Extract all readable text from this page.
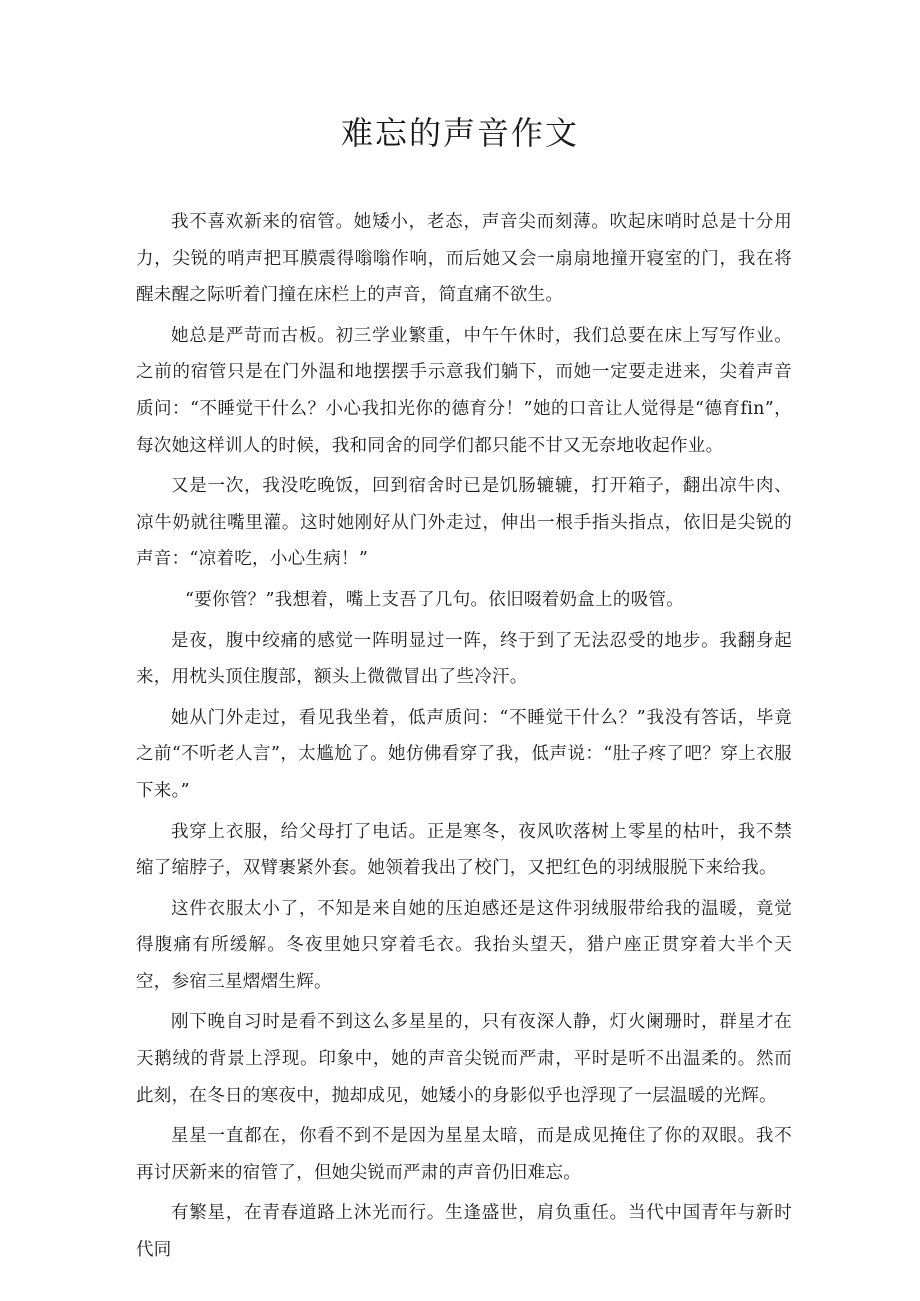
难忘的声音作文

我不喜欢新来的宿管。她矮小，老态，声音尖而刻薄。吹起床哨时总是十分用力，尖锐的哨声把耳膜震得嗡嗡作响，而后她又会一扇扇地撞开寝室的门，我在将醒未醒之际听着门撞在床栏上的声音，简直痛不欲生。

她总是严苛而古板。初三学业繁重，中午午休时，我们总要在床上写写作业。之前的宿管只是在门外温和地摆摆手示意我们躺下，而她一定要走进来，尖着声音质问：“不睡觉干什么？小心我扣光你的德育分！”她的口音让人觉得是“德育fin”，每次她这样训人的时候，我和同舍的同学们都只能不甘又无奈地收起作业。

又是一次，我没吃晚饭，回到宿舍时已是饥肠辘辘，打开箱子，翻出凉牛肉、凉牛奶就往嘴里灌。这时她刚好从门外走过，伸出一根手指头指点，依旧是尖锐的声音：“凉着吃，小心生病！”

“要你管？”我想着，嘴上支吾了几句。依旧啜着奶盒上的吸管。

是夜，腹中绞痛的感觉一阵明显过一阵，终于到了无法忍受的地步。我翻身起来，用枕头顶住腹部，额头上微微冒出了些冷汗。

她从门外走过，看见我坐着，低声质问：“不睡觉干什么？”我没有答话，毕竟之前“不听老人言”，太尴尬了。她仿佛看穿了我，低声说：“肚子疼了吧？穿上衣服下来。”

我穿上衣服，给父母打了电话。正是寒冬，夜风吹落树上零星的枯叶，我不禁缩了缩脖子，双臂裹紧外套。她领着我出了校门，又把红色的羽绒服脱下来给我。

这件衣服太小了，不知是来自她的压迫感还是这件羽绒服带给我的温暖，竟觉得腹痛有所缓解。冬夜里她只穿着毛衣。我抬头望天，猎户座正贯穿着大半个天空，参宿三星熠熠生辉。

刚下晚自习时是看不到这么多星星的，只有夜深人静，灯火阑珊时，群星才在天鹅绒的背景上浮现。印象中，她的声音尖锐而严肃，平时是听不出温柔的。然而此刻，在冬日的寒夜中，抛却成见，她矮小的身影似乎也浮现了一层温暖的光辉。

星星一直都在，你看不到不是因为星星太暗，而是成见掩住了你的双眼。我不再讨厌新来的宿管了，但她尖锐而严肃的声音仍旧难忘。

有繁星，在青春道路上沐光而行。生逢盛世，肩负重任。当代中国青年与新时代同
